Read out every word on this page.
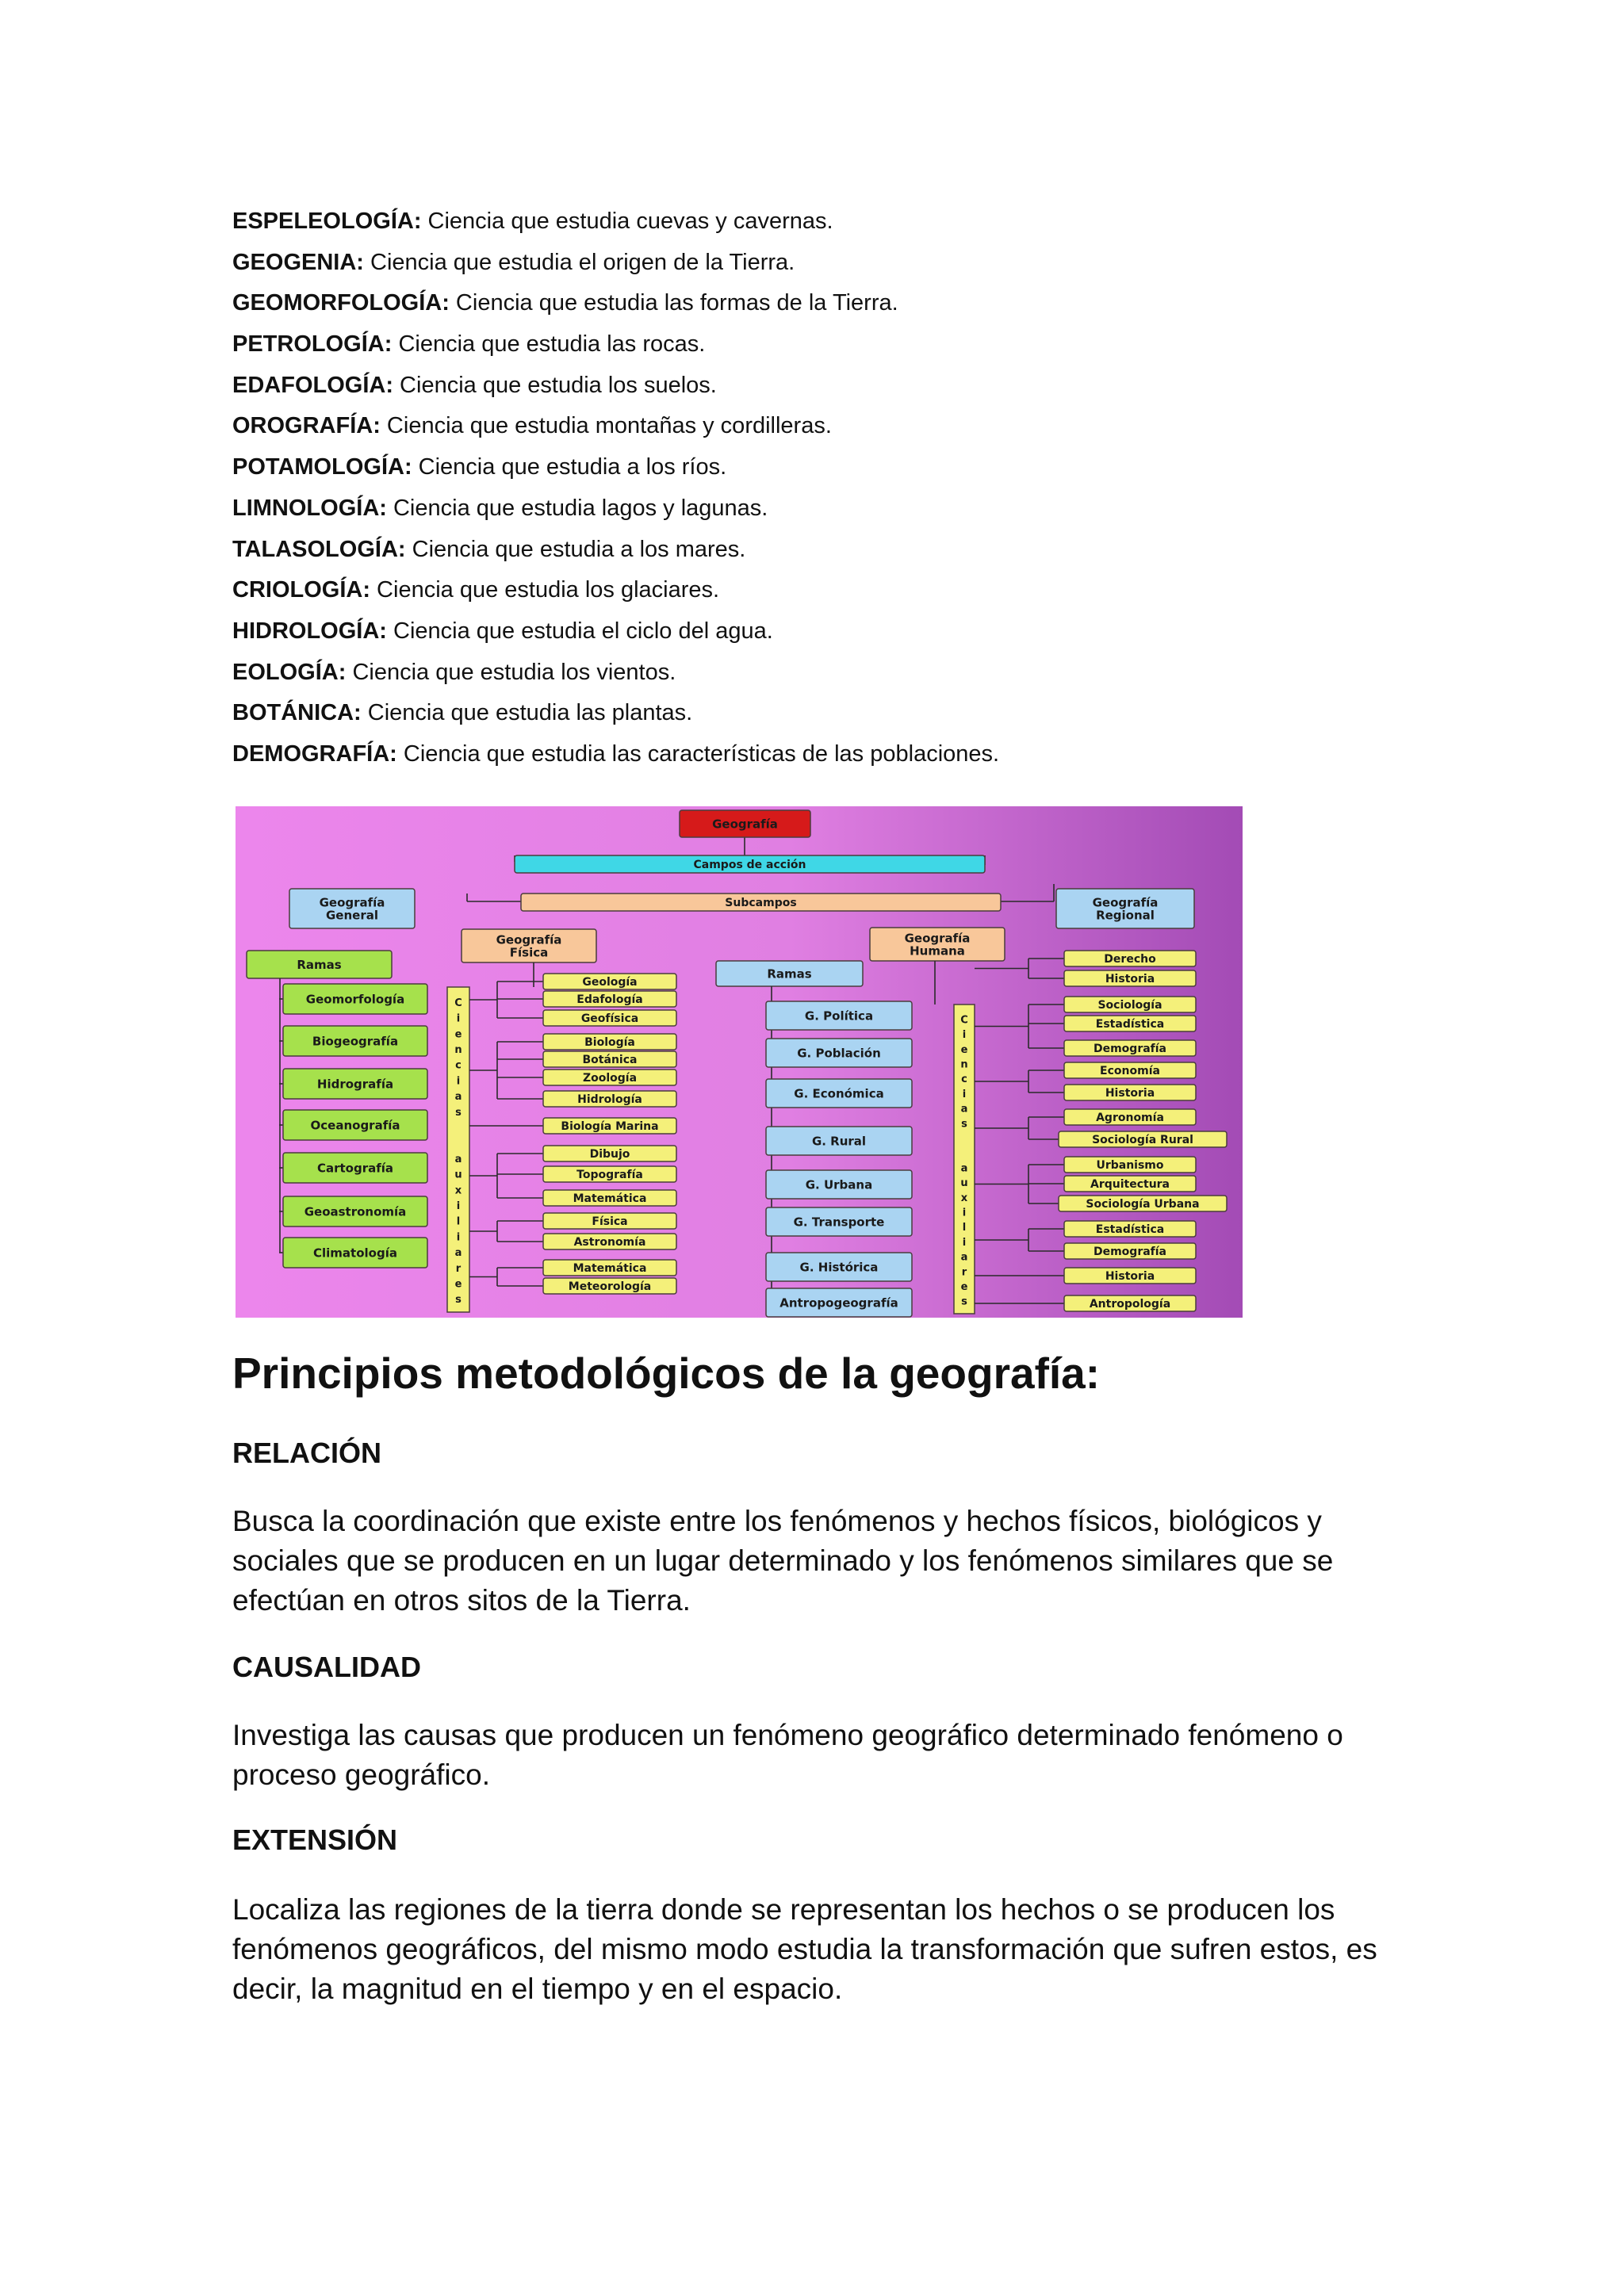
ESPELEOLOGÍA: Ciencia que estudia cuevas y cavernas.
GEOGENIA: Ciencia que estudia el origen de la Tierra.
GEOMORFOLOGÍA: Ciencia que estudia las formas de la Tierra.
PETROLOGÍA: Ciencia que estudia las rocas.
EDAFOLOGÍA: Ciencia que estudia los suelos.
OROGRAFÍA: Ciencia que estudia montañas y cordilleras.
POTAMOLOGÍA: Ciencia que estudia a los ríos.
LIMNOLOGÍA: Ciencia que estudia lagos y lagunas.
TALASOLOGÍA: Ciencia que estudia a los mares.
CRIOLOGÍA: Ciencia que estudia los glaciares.
HIDROLOGÍA: Ciencia que estudia el ciclo del agua.
EOLOGÍA: Ciencia que estudia los vientos.
BOTÁNICA: Ciencia que estudia las plantas.
DEMOGRAFÍA: Ciencia que estudia las características de las poblaciones.
Geografía
Campos de acción
Subcampos
Geografía
General
Geografía
Regional
Geografía
Física
Geografía
Humana
Ramas
Geomorfología
Biogeografía
Hidrografía
Oceanografía
Cartografía
Geoastronomía
Climatología
C
i
e
n
c
i
a
s
a
u
x
i
l
i
a
r
e
s
C
i
e
n
c
i
a
s
a
u
x
i
l
i
a
r
e
s
Geología
Edafología
Geofísica
Biología
Botánica
Zoología
Hidrología
Biología Marina
Dibujo
Topografía
Matemática
Física
Astronomía
Matemática
Meteorología
Ramas
G. Política
G. Población
G. Económica
G. Rural
G. Urbana
G. Transporte
G. Histórica
Antropogeografía
Derecho
Historia
Sociología
Estadística
Demografía
Economía
Historia
Agronomía
Sociología Rural
Urbanismo
Arquitectura
Sociología Urbana
Estadística
Demografía
Historia
Antropología
Principios metodológicos de la geografía:
RELACIÓN

Busca la coordinación que existe entre los fenómenos y hechos físicos, biológicos y sociales que se producen en un lugar determinado y los fenómenos similares que se efectúan en otros sitos de la Tierra.

CAUSALIDAD

Investiga las causas que producen un fenómeno geográfico determinado fenómeno o proceso geográfico.

EXTENSIÓN

Localiza las regiones de la tierra donde se representan los hechos o se producen los fenómenos geográficos, del mismo modo estudia la transformación que sufren estos, es decir, la magnitud en el tiempo y en el espacio.
